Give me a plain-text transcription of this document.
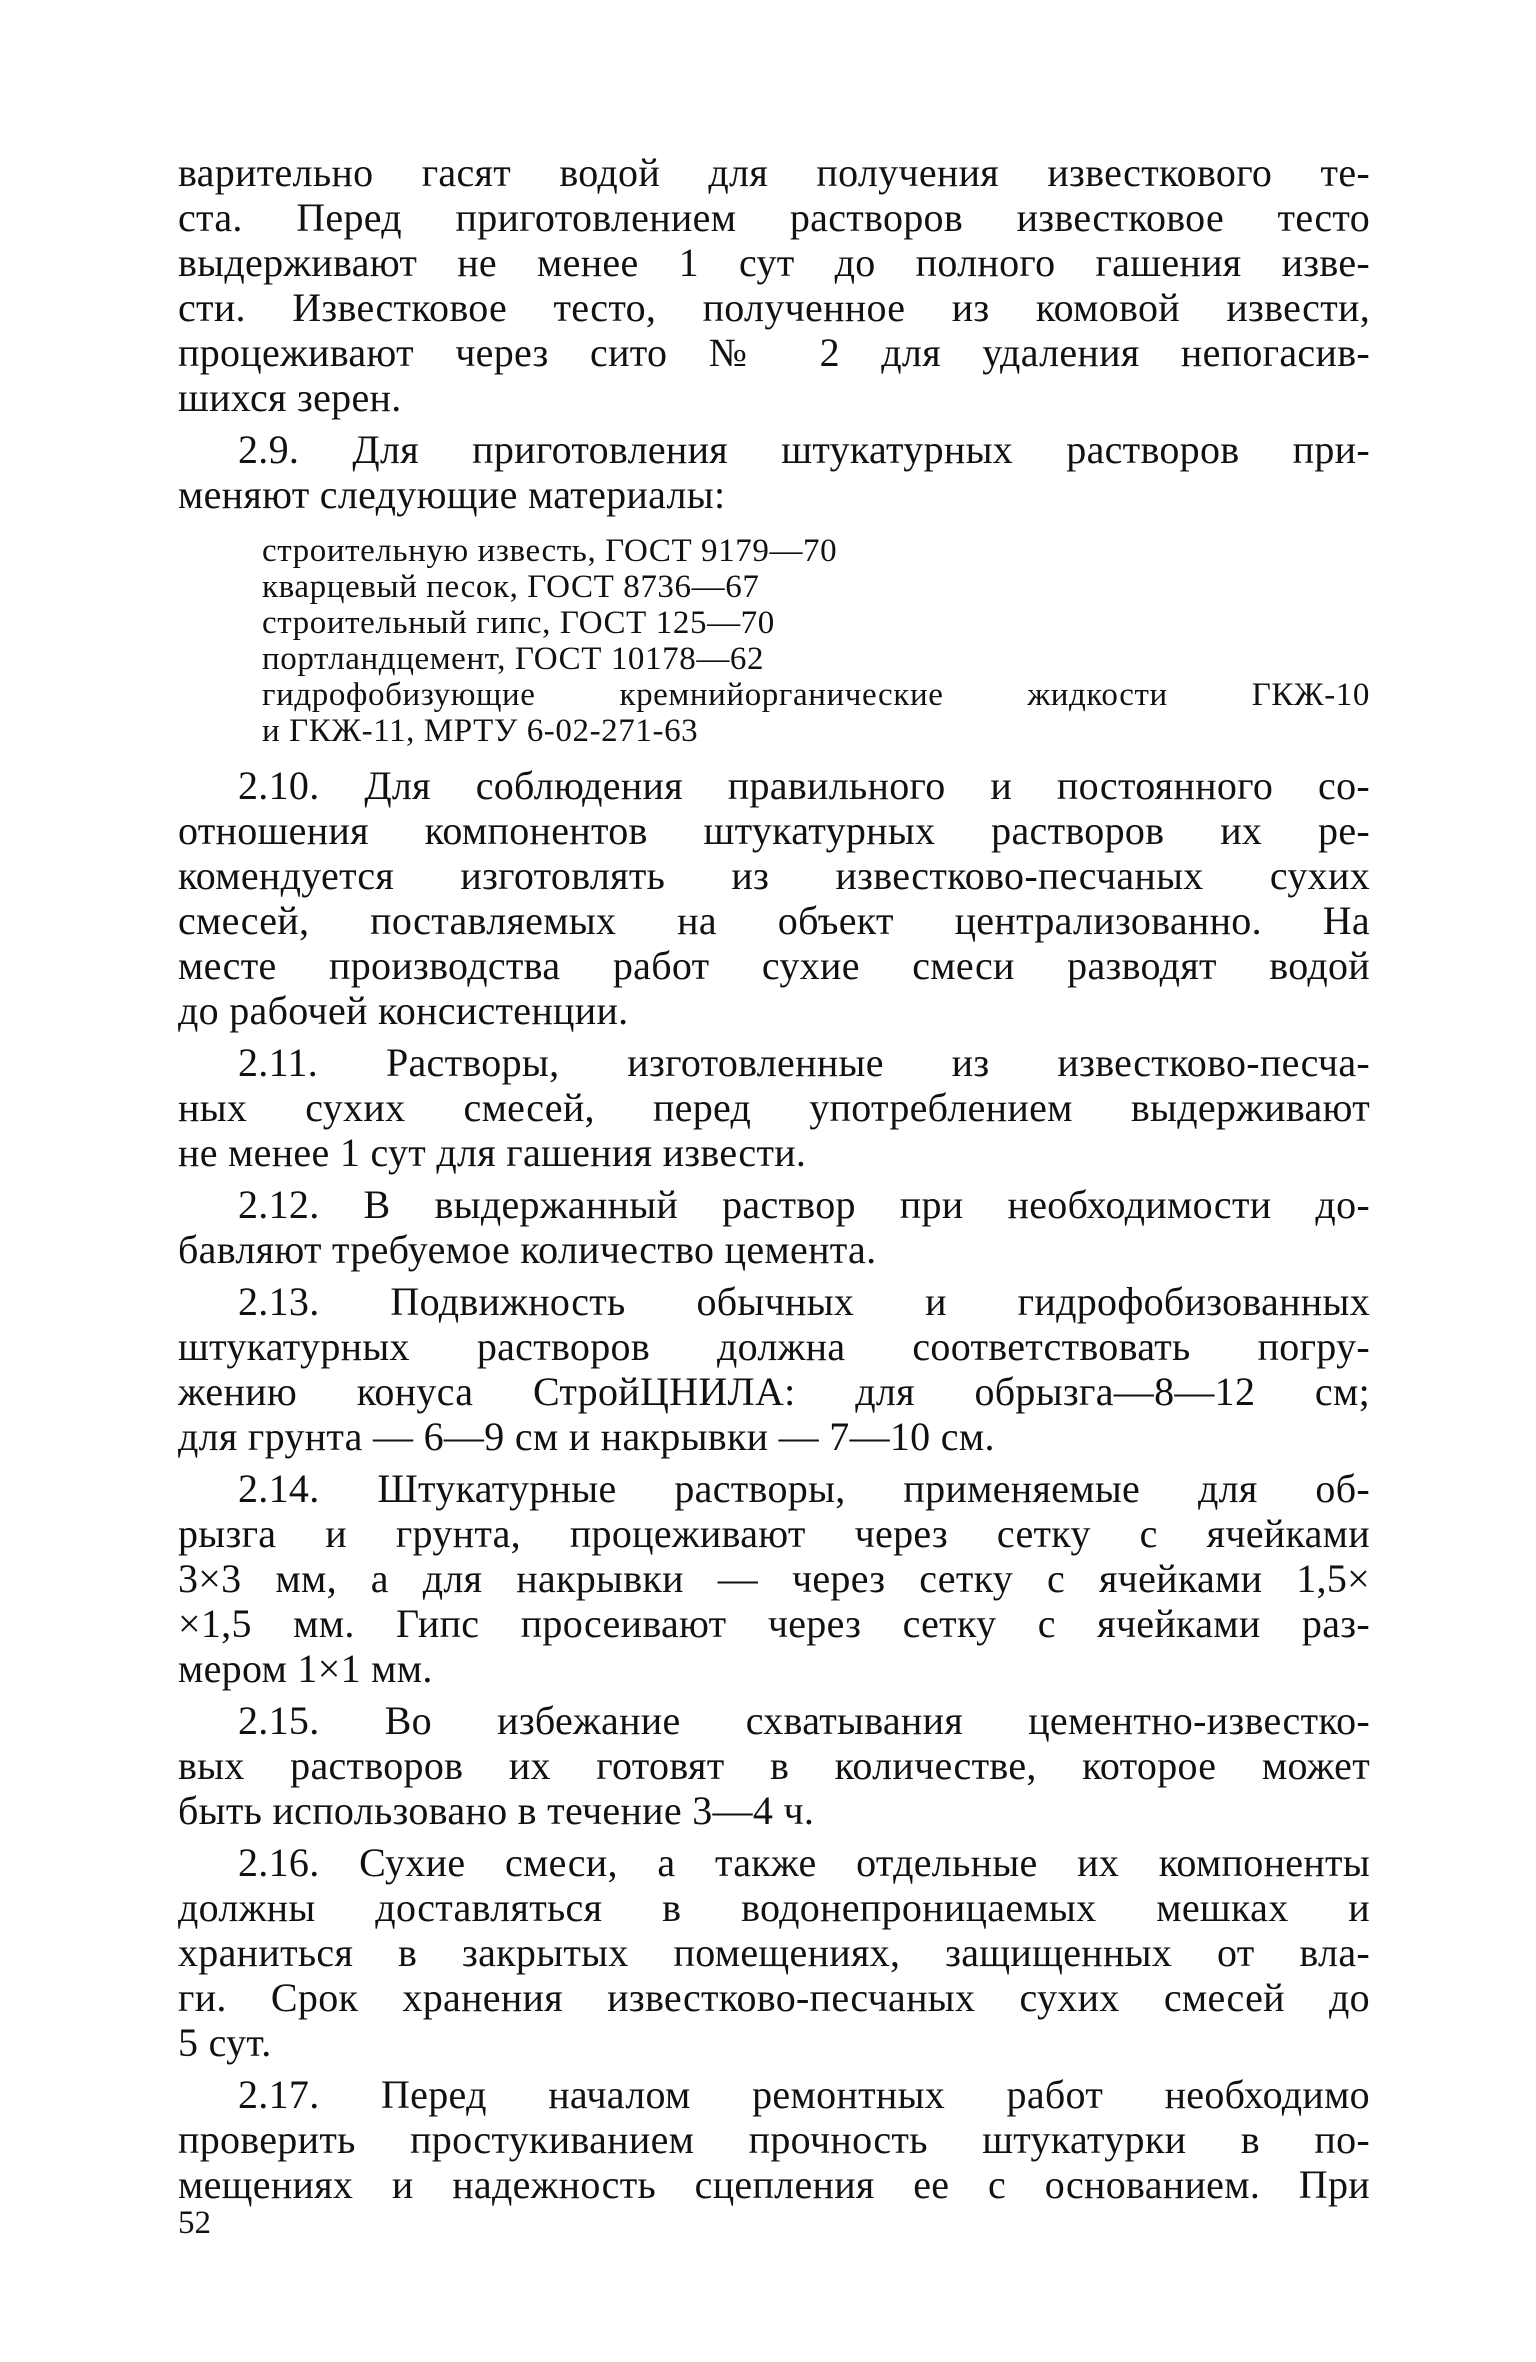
варительно гасят водой для получения известкового те-
ста. Перед приготовлением растворов известковое тесто
выдерживают не менее 1 сут до полного гашения изве-
сти. Известковое тесто, полученное из комовой извести,
процеживают через сито № 2 для удаления непогасив-
шихся зерен.
2.9. Для приготовления штукатурных растворов при-
меняют следующие материалы:
строительную известь, ГОСТ 9179—70
кварцевый песок, ГОСТ 8736—67
строительный гипс, ГОСТ 125—70
портландцемент, ГОСТ 10178—62
гидрофобизующие кремнийорганические жидкости ГКЖ-10
и ГКЖ-11, МРТУ 6-02-271-63
2.10. Для соблюдения правильного и постоянного со-
отношения компонентов штукатурных растворов их ре-
комендуется изготовлять из известково-песчаных сухих
смесей, поставляемых на объект централизованно. На
месте производства работ сухие смеси разводят водой
до рабочей консистенции.
2.11. Растворы, изготовленные из известково-песча-
ных сухих смесей, перед употреблением выдерживают
не менее 1 сут для гашения извести.
2.12. В выдержанный раствор при необходимости до-
бавляют требуемое количество цемента.
2.13. Подвижность обычных и гидрофобизованных
штукатурных растворов должна соответствовать погру-
жению конуса СтройЦНИЛА: для обрызга—8—12 см;
для грунта — 6—9 см и накрывки — 7—10 см.
2.14. Штукатурные растворы, применяемые для об-
рызга и грунта, процеживают через сетку с ячейками
3×3 мм, а для накрывки — через сетку с ячейками 1,5×
×1,5 мм. Гипс просеивают через сетку с ячейками раз-
мером 1×1 мм.
2.15. Во избежание схватывания цементно-известко-
вых растворов их готовят в количестве, которое может
быть использовано в течение 3—4 ч.
2.16. Сухие смеси, а также отдельные их компоненты
должны доставляться в водонепроницаемых мешках и
храниться в закрытых помещениях, защищенных от вла-
ги. Срок хранения известково-песчаных сухих смесей до
5 сут.
2.17. Перед началом ремонтных работ необходимо
проверить простукиванием прочность штукатурки в по-
мещениях и надежность сцепления ее с основанием. При
52
